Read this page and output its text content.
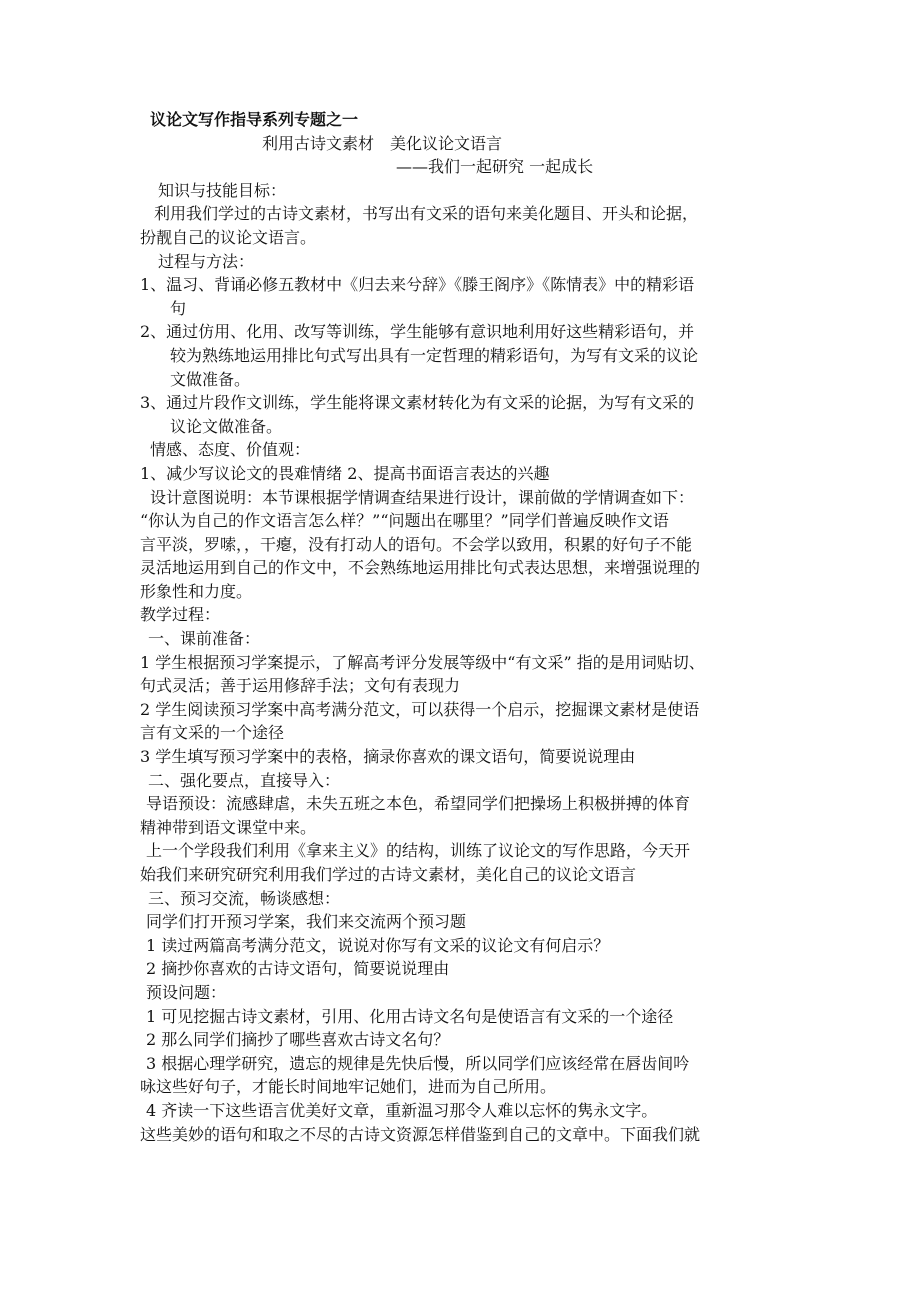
议论文写作指导系列专题之一
利用古诗文素材　美化议论文语言
——我们一起研究 一起成长
知识与技能目标：
利用我们学过的古诗文素材，书写出有文采的语句来美化题目、开头和论据，
扮靓自己的议论文语言。
过程与方法：
1、温习、背诵必修五教材中《归去来兮辞》《滕王阁序》《陈情表》中的精彩语
句
2、通过仿用、化用、改写等训练，学生能够有意识地利用好这些精彩语句，并
较为熟练地运用排比句式写出具有一定哲理的精彩语句，为写有文采的议论
文做准备。
3、通过片段作文训练，学生能将课文素材转化为有文采的论据，为写有文采的
议论文做准备。
情感、态度、价值观：
1、减少写议论文的畏难情绪 2、提高书面语言表达的兴趣
设计意图说明：本节课根据学情调查结果进行设计，课前做的学情调查如下：
“你认为自己的作文语言怎么样？”“问题出在哪里？”同学们普遍反映作文语
言平淡，罗嗦，，干瘪，没有打动人的语句。不会学以致用，积累的好句子不能
灵活地运用到自己的作文中，不会熟练地运用排比句式表达思想，来增强说理的
形象性和力度。
教学过程：
一、课前准备：
1 学生根据预习学案提示，了解高考评分发展等级中“有文采” 指的是用词贴切、
句式灵活；善于运用修辞手法；文句有表现力
2 学生阅读预习学案中高考满分范文，可以获得一个启示，挖掘课文素材是使语
言有文采的一个途径
3 学生填写预习学案中的表格，摘录你喜欢的课文语句，简要说说理由
二、强化要点，直接导入：
导语预设：流感肆虐，未失五班之本色，希望同学们把操场上积极拼搏的体育
精神带到语文课堂中来。
上一个学段我们利用《拿来主义》的结构，训练了议论文的写作思路，今天开
始我们来研究研究利用我们学过的古诗文素材，美化自己的议论文语言
三、预习交流，畅谈感想：
同学们打开预习学案，我们来交流两个预习题
1 读过两篇高考满分范文，说说对你写有文采的议论文有何启示？
2 摘抄你喜欢的古诗文语句，简要说说理由
预设问题：
1 可见挖掘古诗文素材，引用、化用古诗文名句是使语言有文采的一个途径
2 那么同学们摘抄了哪些喜欢古诗文名句？
3 根据心理学研究，遗忘的规律是先快后慢，所以同学们应该经常在唇齿间吟
咏这些好句子，才能长时间地牢记她们，进而为自己所用。
4 齐读一下这些语言优美好文章，重新温习那令人难以忘怀的隽永文字。
这些美妙的语句和取之不尽的古诗文资源怎样借鉴到自己的文章中。下面我们就
